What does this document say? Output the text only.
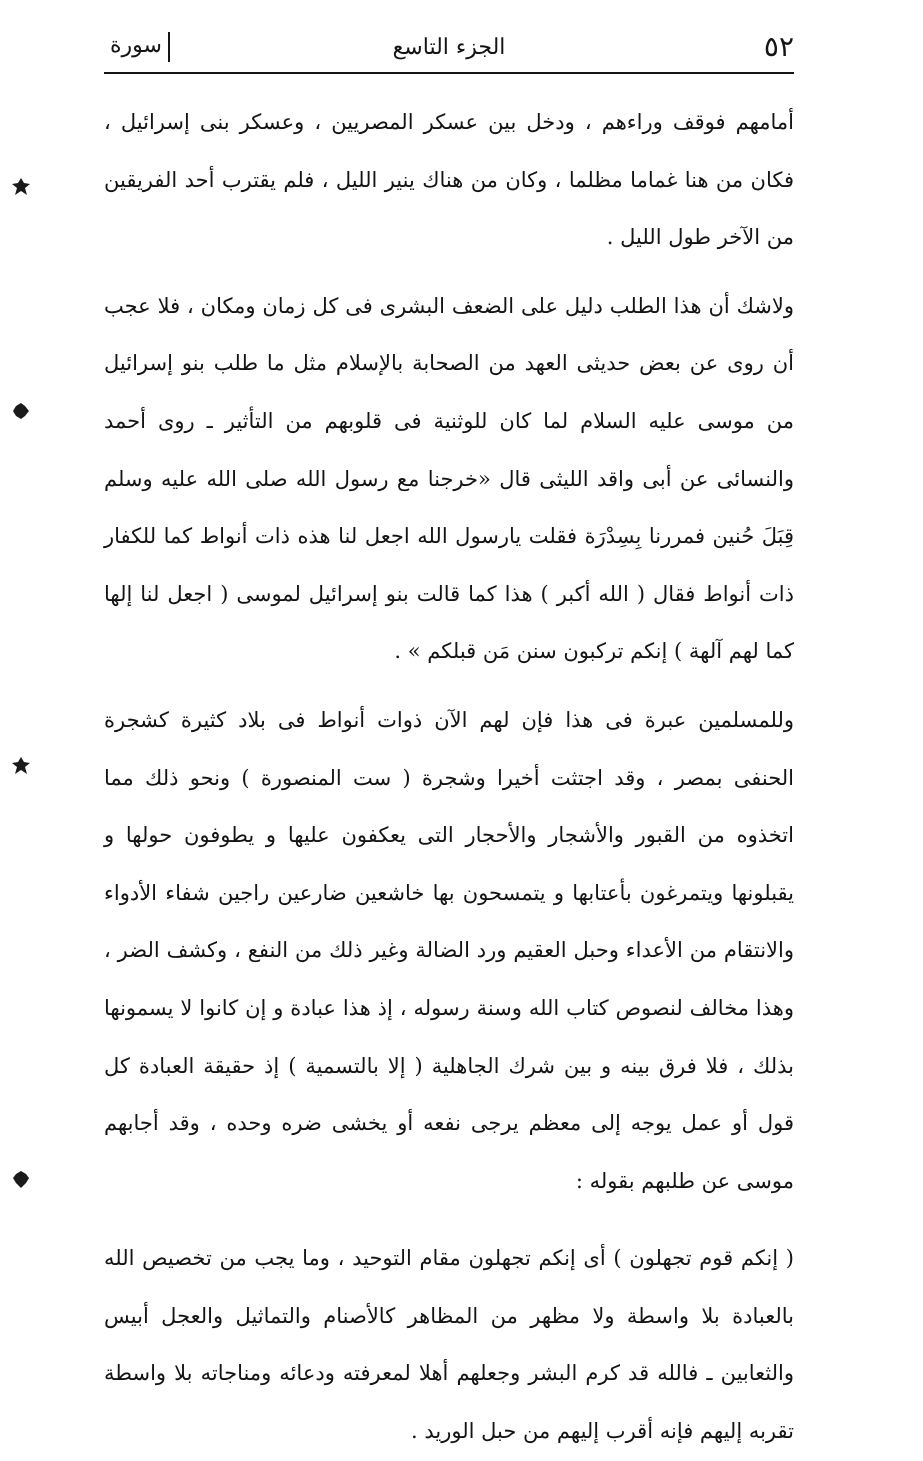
٥٢
الجزء التاسع
سورة

أمامهم فوقف وراءهم ، ودخل بين عسكر المصريين ، وعسكر بنى إسرائيل ، فكان من هنا غماما مظلما ، وكان من هناك ينير الليل ، فلم يقترب أحد الفريقين من الآخر طول الليل .

ولاشك أن هذا الطلب دليل على الضعف البشرى فى كل زمان ومكان ، فلا عجب أن روى عن بعض حديثى العهد من الصحابة بالإسلام مثل ما طلب بنو إسرائيل من موسى عليه السلام لما كان للوثنية فى قلوبهم من التأثير ـ روى أحمد والنسائى عن أبى واقد الليثى قال «خرجنا مع رسول الله صلى الله عليه وسلم قِبَلَ حُنين فمررنا بِسِدْرَة فقلت يارسول الله اجعل لنا هذه ذات أنواط كما للكفار ذات أنواط فقال ( الله أكبر ) هذا كما قالت بنو إسرائيل لموسى ( اجعل لنا إلها كما لهم آلهة ) إنكم تركبون سنن مَن قبلكم » .

وللمسلمين عبرة فى هذا فإن لهم الآن ذوات أنواط فى بلاد كثيرة كشجرة الحنفى بمصر ، وقد اجتثت أخيرا وشجرة ( ست المنصورة ) ونحو ذلك مما اتخذوه من القبور والأشجار والأحجار التى يعكفون عليها و يطوفون حولها و يقبلونها ويتمرغون بأعتابها و يتمسحون بها خاشعين ضارعين راجين شفاء الأدواء والانتقام من الأعداء وحبل العقيم ورد الضالة وغير ذلك من النفع ، وكشف الضر ، وهذا مخالف لنصوص كتاب الله وسنة رسوله ، إذ هذا عبادة و إن كانوا لا يسمونها بذلك ، فلا فرق بينه و بين شرك الجاهلية ( إلا بالتسمية ) إذ حقيقة العبادة كل قول أو عمل يوجه إلى معظم يرجى نفعه أو يخشى ضره وحده ، وقد أجابهم موسى عن طلبهم بقوله :

( إنكم قوم تجهلون ) أى إنكم تجهلون مقام التوحيد ، وما يجب من تخصيص الله بالعبادة بلا واسطة ولا مظهر من المظاهر كالأصنام والتماثيل والعجل أبيس والثعابين ـ فالله قد كرم البشر وجعلهم أهلا لمعرفته ودعائه ومناجاته بلا واسطة تقربه إليهم فإنه أقرب إليهم من حبل الوريد .
